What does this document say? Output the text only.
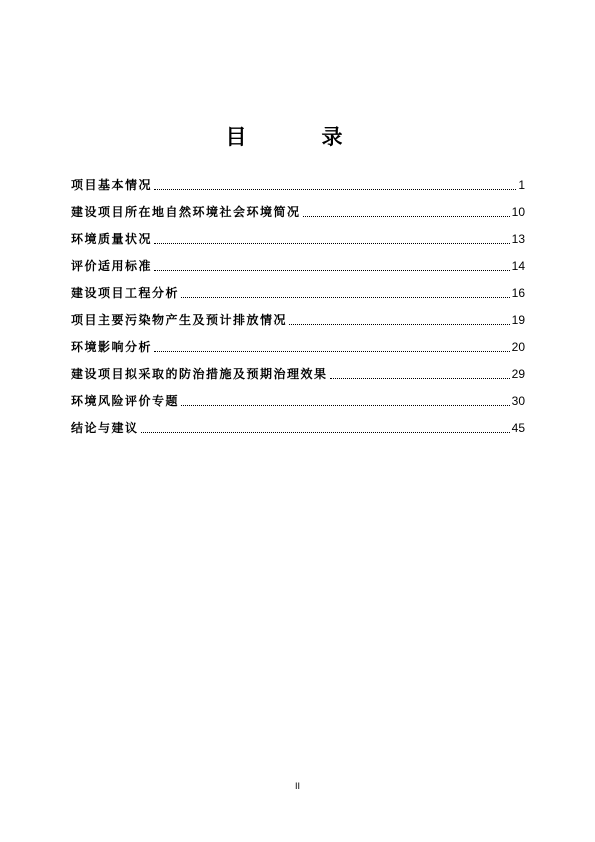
目　录
项目基本情况	1
建设项目所在地自然环境社会环境简况	10
环境质量状况	13
评价适用标准	14
建设项目工程分析	16
项目主要污染物产生及预计排放情况	19
环境影响分析	20
建设项目拟采取的防治措施及预期治理效果	29
环境风险评价专题	30
结论与建议	45
II
